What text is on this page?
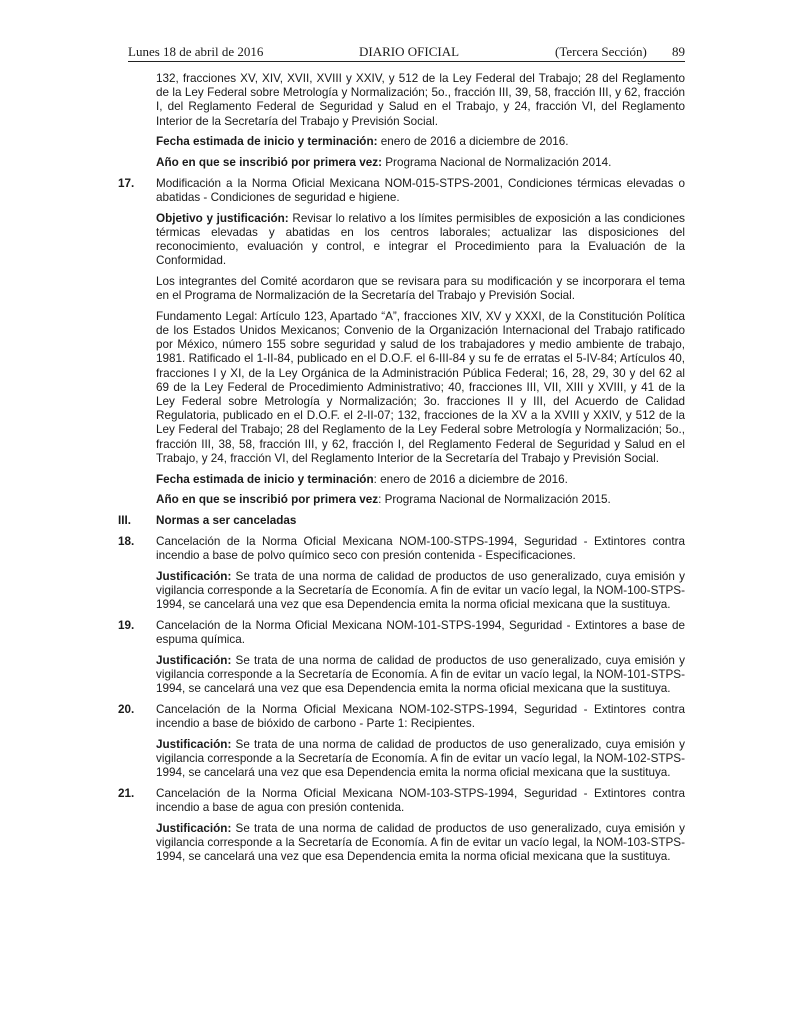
Lunes 18 de abril de 2016	DIARIO OFICIAL	(Tercera Sección) 89

132, fracciones XV, XIV, XVII, XVIII y XXIV, y 512 de la Ley Federal del Trabajo; 28 del Reglamento de la Ley Federal sobre Metrología y Normalización; 5o., fracción III, 39, 58, fracción III, y 62, fracción I, del Reglamento Federal de Seguridad y Salud en el Trabajo, y 24, fracción VI, del Reglamento Interior de la Secretaría del Trabajo y Previsión Social.

Fecha estimada de inicio y terminación: enero de 2016 a diciembre de 2016.

Año en que se inscribió por primera vez: Programa Nacional de Normalización 2014.

17.	Modificación a la Norma Oficial Mexicana NOM-015-STPS-2001, Condiciones térmicas elevadas o abatidas - Condiciones de seguridad e higiene.

Objetivo y justificación: Revisar lo relativo a los límites permisibles de exposición a las condiciones térmicas elevadas y abatidas en los centros laborales; actualizar las disposiciones del reconocimiento, evaluación y control, e integrar el Procedimiento para la Evaluación de la Conformidad.

Los integrantes del Comité acordaron que se revisara para su modificación y se incorporara el tema en el Programa de Normalización de la Secretaría del Trabajo y Previsión Social.

Fundamento Legal: Artículo 123, Apartado “A”, fracciones XIV, XV y XXXI, de la Constitución Política de los Estados Unidos Mexicanos; Convenio de la Organización Internacional del Trabajo ratificado por México, número 155 sobre seguridad y salud de los trabajadores y medio ambiente de trabajo, 1981. Ratificado el 1-II-84, publicado en el D.O.F. el 6-III-84 y su fe de erratas el 5-IV-84; Artículos 40, fracciones I y XI, de la Ley Orgánica de la Administración Pública Federal; 16, 28, 29, 30 y del 62 al 69 de la Ley Federal de Procedimiento Administrativo; 40, fracciones III, VII, XIII y XVIII, y 41 de la Ley Federal sobre Metrología y Normalización; 3o. fracciones II y III, del Acuerdo de Calidad Regulatoria, publicado en el D.O.F. el 2-II-07; 132, fracciones de la XV a la XVIII y XXIV, y 512 de la Ley Federal del Trabajo; 28 del Reglamento de la Ley Federal sobre Metrología y Normalización; 5o., fracción III, 38, 58, fracción III, y 62, fracción I, del Reglamento Federal de Seguridad y Salud en el Trabajo, y 24, fracción VI, del Reglamento Interior de la Secretaría del Trabajo y Previsión Social.

Fecha estimada de inicio y terminación: enero de 2016 a diciembre de 2016.

Año en que se inscribió por primera vez: Programa Nacional de Normalización 2015.

III.	Normas a ser canceladas
18.	Cancelación de la Norma Oficial Mexicana NOM-100-STPS-1994, Seguridad - Extintores contra incendio a base de polvo químico seco con presión contenida - Especificaciones.

Justificación: Se trata de una norma de calidad de productos de uso generalizado, cuya emisión y vigilancia corresponde a la Secretaría de Economía. A fin de evitar un vacío legal, la NOM-100-STPS-1994, se cancelará una vez que esa Dependencia emita la norma oficial mexicana que la sustituya.

19.	Cancelación de la Norma Oficial Mexicana NOM-101-STPS-1994, Seguridad - Extintores a base de espuma química.

Justificación: Se trata de una norma de calidad de productos de uso generalizado, cuya emisión y vigilancia corresponde a la Secretaría de Economía. A fin de evitar un vacío legal, la NOM-101-STPS-1994, se cancelará una vez que esa Dependencia emita la norma oficial mexicana que la sustituya.

20.	Cancelación de la Norma Oficial Mexicana NOM-102-STPS-1994, Seguridad - Extintores contra incendio a base de bióxido de carbono - Parte 1: Recipientes.

Justificación: Se trata de una norma de calidad de productos de uso generalizado, cuya emisión y vigilancia corresponde a la Secretaría de Economía. A fin de evitar un vacío legal, la NOM-102-STPS-1994, se cancelará una vez que esa Dependencia emita la norma oficial mexicana que la sustituya.

21.	Cancelación de la Norma Oficial Mexicana NOM-103-STPS-1994, Seguridad - Extintores contra incendio a base de agua con presión contenida.

Justificación: Se trata de una norma de calidad de productos de uso generalizado, cuya emisión y vigilancia corresponde a la Secretaría de Economía. A fin de evitar un vacío legal, la NOM-103-STPS-1994, se cancelará una vez que esa Dependencia emita la norma oficial mexicana que la sustituya.
